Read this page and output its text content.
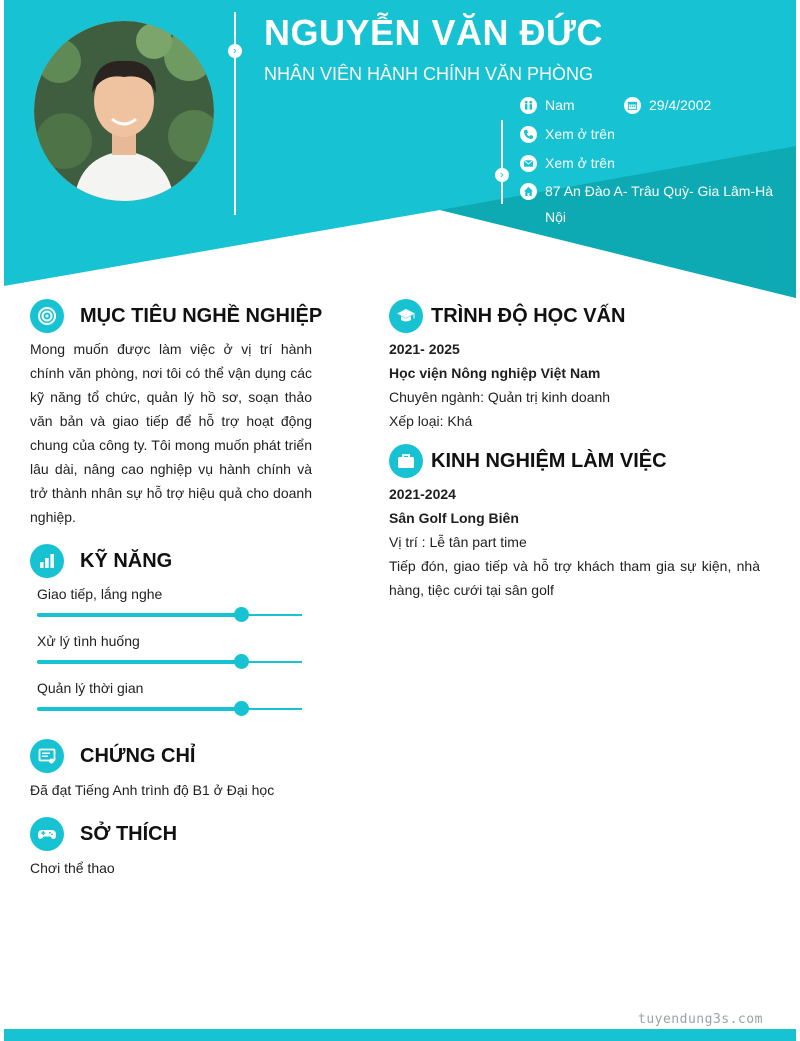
› NGUYỄN VĂN ĐỨC
NHÂN VIÊN HÀNH CHÍNH VĂN PHÒNG
›
Nam	29/4/2002
Xem ở trên
Xem ở trên
87 An Đào A- Trâu Quỳ- Gia Lâm-Hà
Nội
MỤC TIÊU NGHỀ NGHIỆP
Mong muốn được làm việc ở vị trí hành chính văn phòng, nơi tôi có thể vận dụng các kỹ năng tổ chức, quản lý hồ sơ, soạn thảo văn bản và giao tiếp để hỗ trợ hoạt động chung của công ty. Tôi mong muốn phát triển lâu dài, nâng cao nghiệp vụ hành chính và trở thành nhân sự hỗ trợ hiệu quả cho doanh nghiệp.
KỸ NĂNG
Giao tiếp, lắng nghe
Xử lý tình huống
Quản lý thời gian
CHỨNG CHỈ
Đã đạt Tiếng Anh trình độ B1 ở Đại học
SỞ THÍCH
Chơi thể thao
TRÌNH ĐỘ HỌC VẤN
2021- 2025
Học viện Nông nghiệp Việt Nam
Chuyên ngành: Quản trị kinh doanh
Xếp loại: Khá
KINH NGHIỆM LÀM VIỆC
2021-2024
Sân Golf Long Biên
Vị trí : Lễ tân part time
Tiếp đón, giao tiếp và hỗ trợ khách tham gia sự kiện, nhà hàng, tiệc cưới tại sân golf
tuyendung3s.com
